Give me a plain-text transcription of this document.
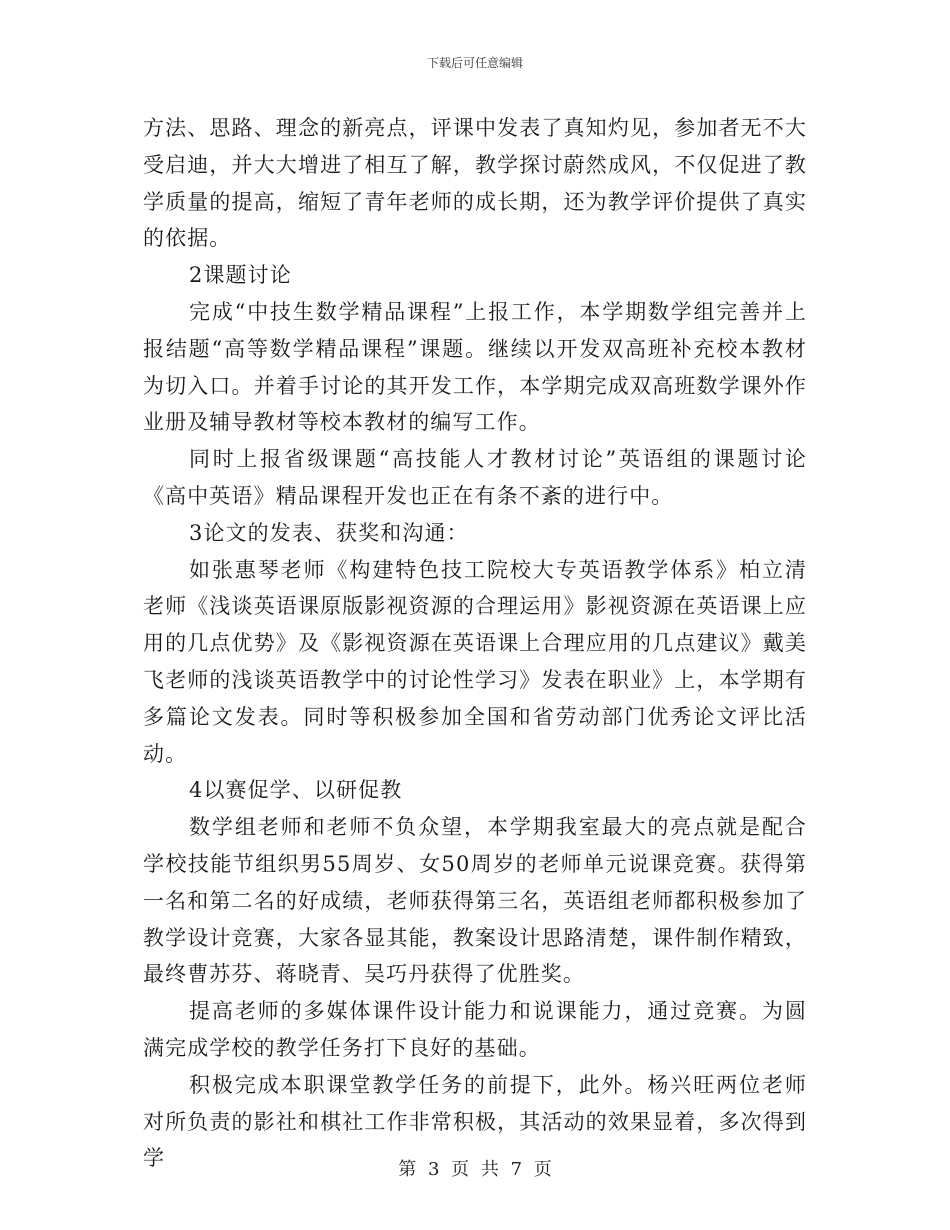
下载后可任意编辑

方法、思路、理念的新亮点，评课中发表了真知灼见，参加者无不大受启迪，并大大增进了相互了解，教学探讨蔚然成风，不仅促进了教学质量的提高，缩短了青年老师的成长期，还为教学评价提供了真实的依据。

2课题讨论

完成“中技生数学精品课程”上报工作，本学期数学组完善并上报结题“高等数学精品课程”课题。继续以开发双高班补充校本教材为切入口。并着手讨论的其开发工作，本学期完成双高班数学课外作业册及辅导教材等校本教材的编写工作。

同时上报省级课题“高技能人才教材讨论”英语组的课题讨论《高中英语》精品课程开发也正在有条不紊的进行中。

3论文的发表、获奖和沟通：

如张惠琴老师《构建特色技工院校大专英语教学体系》柏立清老师《浅谈英语课原版影视资源的合理运用》影视资源在英语课上应用的几点优势》及《影视资源在英语课上合理应用的几点建议》戴美飞老师的浅谈英语教学中的讨论性学习》发表在职业》上，本学期有多篇论文发表。同时等积极参加全国和省劳动部门优秀论文评比活动。

4以赛促学、以研促教

数学组老师和老师不负众望，本学期我室最大的亮点就是配合学校技能节组织男55周岁、女50周岁的老师单元说课竞赛。获得第一名和第二名的好成绩，老师获得第三名，英语组老师都积极参加了教学设计竞赛，大家各显其能，教案设计思路清楚，课件制作精致，最终曹苏芬、蒋晓青、吴巧丹获得了优胜奖。

提高老师的多媒体课件设计能力和说课能力，通过竞赛。为圆满完成学校的教学任务打下良好的基础。

积极完成本职课堂教学任务的前提下，此外。杨兴旺两位老师对所负责的影社和棋社工作非常积极，其活动的效果显着，多次得到学	第 3 页 共 7 页
